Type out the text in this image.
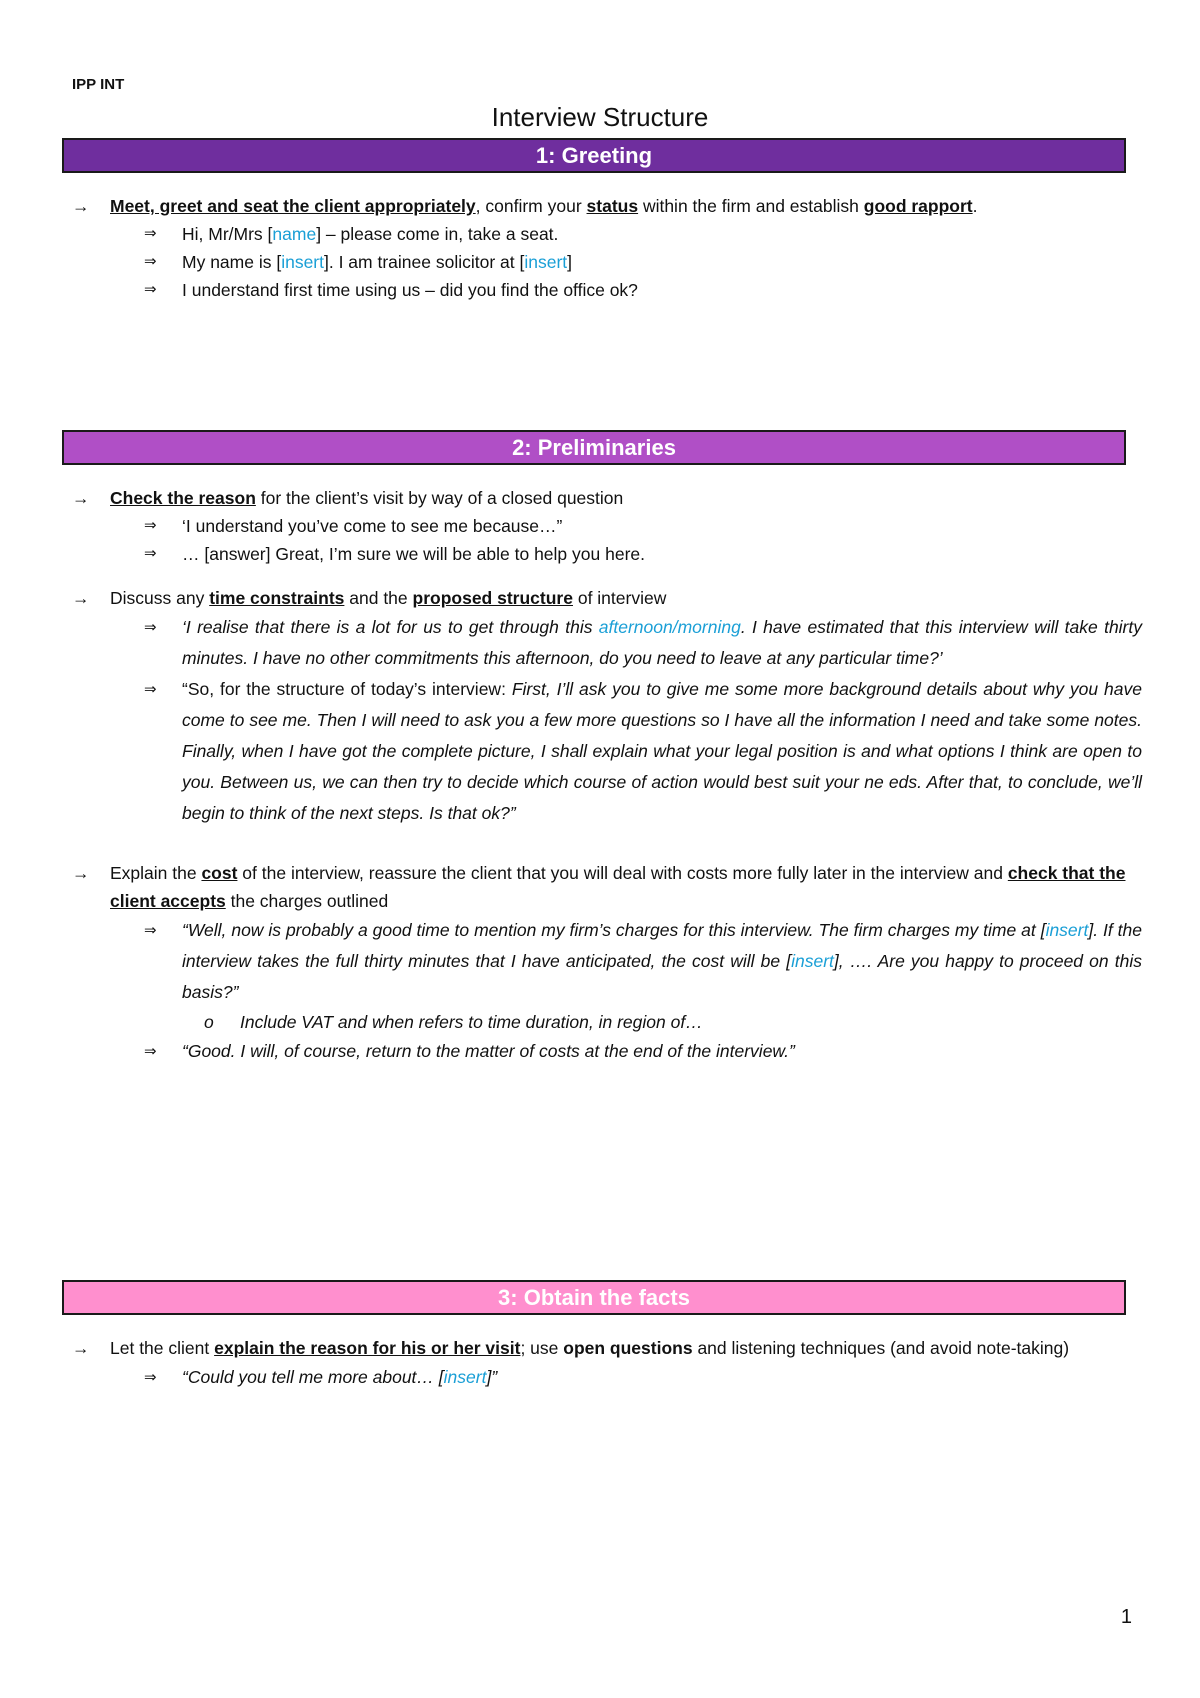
IPP INT
Interview Structure
1: Greeting
→	Meet, greet and seat the client appropriately, confirm your status within the firm and establish good rapport.
⇒ Hi, Mr/Mrs [name] – please come in, take a seat.
⇒ My name is [insert]. I am trainee solicitor at [insert]
⇒ I understand first time using us – did you find the office ok?
2: Preliminaries
→	Check the reason for the client’s visit by way of a closed question
⇒ ‘I understand you’ve come to see me because…”
⇒ … [answer] Great, I’m sure we will be able to help you here.
→	Discuss any time constraints and the proposed structure of interview
⇒ ‘I realise that there is a lot for us to get through this afternoon/morning. I have estimated that this interview will take thirty minutes. I have no other commitments this afternoon, do you need to leave at any particular time?’
⇒ “So, for the structure of today’s interview: First, I’ll ask you to give me some more background details about why you have come to see me. Then I will need to ask you a few more questions so I have all the information I need and take some notes. Finally, when I have got the complete picture, I shall explain what your legal position is and what options I think are open to you. Between us, we can then try to decide which course of action would best suit your ne eds. After that, to conclude, we’ll begin to think of the next steps. Is that ok?”
→	Explain the cost of the interview, reassure the client that you will deal with costs more fully later in the interview and check that the client accepts the charges outlined
⇒ “Well, now is probably a good time to mention my firm’s charges for this interview. The firm charges my time at [insert]. If the interview takes the full thirty minutes that I have anticipated, the cost will be [insert], …. Are you happy to proceed on this basis?”
o Include VAT and when refers to time duration, in region of…
⇒ “Good. I will, of course, return to the matter of costs at the end of the interview.”
3: Obtain the facts
→	Let the client explain the reason for his or her visit; use open questions and listening techniques (and avoid note-taking)
⇒ “Could you tell me more about… [insert]”
1
